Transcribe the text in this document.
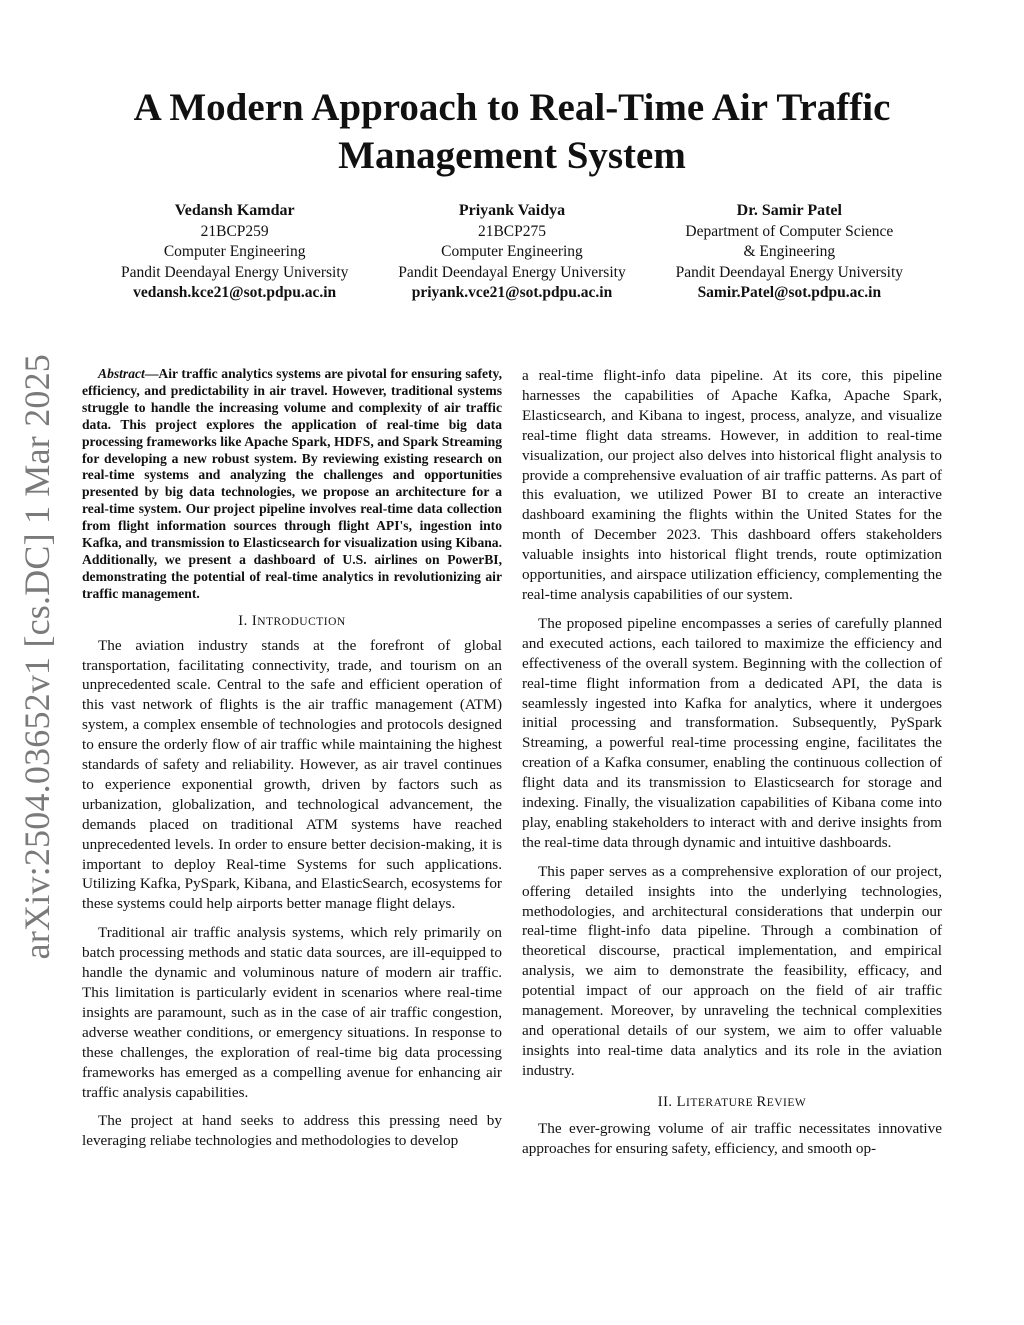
arXiv:2504.03652v1 [cs.DC] 1 Mar 2025
A Modern Approach to Real-Time Air Traffic
Management System
Vedansh Kamdar
21BCP259
Computer Engineering
Pandit Deendayal Energy University
vedansh.kce21@sot.pdpu.ac.in
Priyank Vaidya
21BCP275
Computer Engineering
Pandit Deendayal Energy University
priyank.vce21@sot.pdpu.ac.in
Dr. Samir Patel
Department of Computer Science
& Engineering
Pandit Deendayal Energy University
Samir.Patel@sot.pdpu.ac.in

Abstract—Air traffic analytics systems are pivotal for ensuring safety, efficiency, and predictability in air travel. However, traditional systems struggle to handle the increasing volume and complexity of air traffic data. This project explores the application of real-time big data processing frameworks like Apache Spark, HDFS, and Spark Streaming for developing a new robust system. By reviewing existing research on real-time systems and analyzing the challenges and opportunities presented by big data technologies, we propose an architecture for a real-time system. Our project pipeline involves real-time data collection from flight information sources through flight API's, ingestion into Kafka, and transmission to Elasticsearch for visualization using Kibana. Additionally, we present a dashboard of U.S. airlines on PowerBI, demonstrating the potential of real-time analytics in revolutionizing air traffic management.

I. INTRODUCTION

The aviation industry stands at the forefront of global transportation, facilitating connectivity, trade, and tourism on an unprecedented scale. Central to the safe and efficient operation of this vast network of flights is the air traffic management (ATM) system, a complex ensemble of technologies and protocols designed to ensure the orderly flow of air traffic while maintaining the highest standards of safety and reliability. However, as air travel continues to experience exponential growth, driven by factors such as urbanization, globalization, and technological advancement, the demands placed on traditional ATM systems have reached unprecedented levels. In order to ensure better decision-making, it is important to deploy Real-time Systems for such applications. Utilizing Kafka, PySpark, Kibana, and ElasticSearch, ecosystems for these systems could help airports better manage flight delays.

Traditional air traffic analysis systems, which rely primarily on batch processing methods and static data sources, are ill-equipped to handle the dynamic and voluminous nature of modern air traffic. This limitation is particularly evident in scenarios where real-time insights are paramount, such as in the case of air traffic congestion, adverse weather conditions, or emergency situations. In response to these challenges, the exploration of real-time big data processing frameworks has emerged as a compelling avenue for enhancing air traffic analysis capabilities.

The project at hand seeks to address this pressing need by leveraging reliabe technologies and methodologies to develop

a real-time flight-info data pipeline. At its core, this pipeline harnesses the capabilities of Apache Kafka, Apache Spark, Elasticsearch, and Kibana to ingest, process, analyze, and visualize real-time flight data streams. However, in addition to real-time visualization, our project also delves into historical flight analysis to provide a comprehensive evaluation of air traffic patterns. As part of this evaluation, we utilized Power BI to create an interactive dashboard examining the flights within the United States for the month of December 2023. This dashboard offers stakeholders valuable insights into historical flight trends, route optimization opportunities, and airspace utilization efficiency, complementing the real-time analysis capabilities of our system.

The proposed pipeline encompasses a series of carefully planned and executed actions, each tailored to maximize the efficiency and effectiveness of the overall system. Beginning with the collection of real-time flight information from a dedicated API, the data is seamlessly ingested into Kafka for analytics, where it undergoes initial processing and transformation. Subsequently, PySpark Streaming, a powerful real-time processing engine, facilitates the creation of a Kafka consumer, enabling the continuous collection of flight data and its transmission to Elasticsearch for storage and indexing. Finally, the visualization capabilities of Kibana come into play, enabling stakeholders to interact with and derive insights from the real-time data through dynamic and intuitive dashboards.

This paper serves as a comprehensive exploration of our project, offering detailed insights into the underlying technologies, methodologies, and architectural considerations that underpin our real-time flight-info data pipeline. Through a combination of theoretical discourse, practical implementation, and empirical analysis, we aim to demonstrate the feasibility, efficacy, and potential impact of our approach on the field of air traffic management. Moreover, by unraveling the technical complexities and operational details of our system, we aim to offer valuable insights into real-time data analytics and its role in the aviation industry.

II. LITERATURE REVIEW

The ever-growing volume of air traffic necessitates innovative approaches for ensuring safety, efficiency, and smooth op-
